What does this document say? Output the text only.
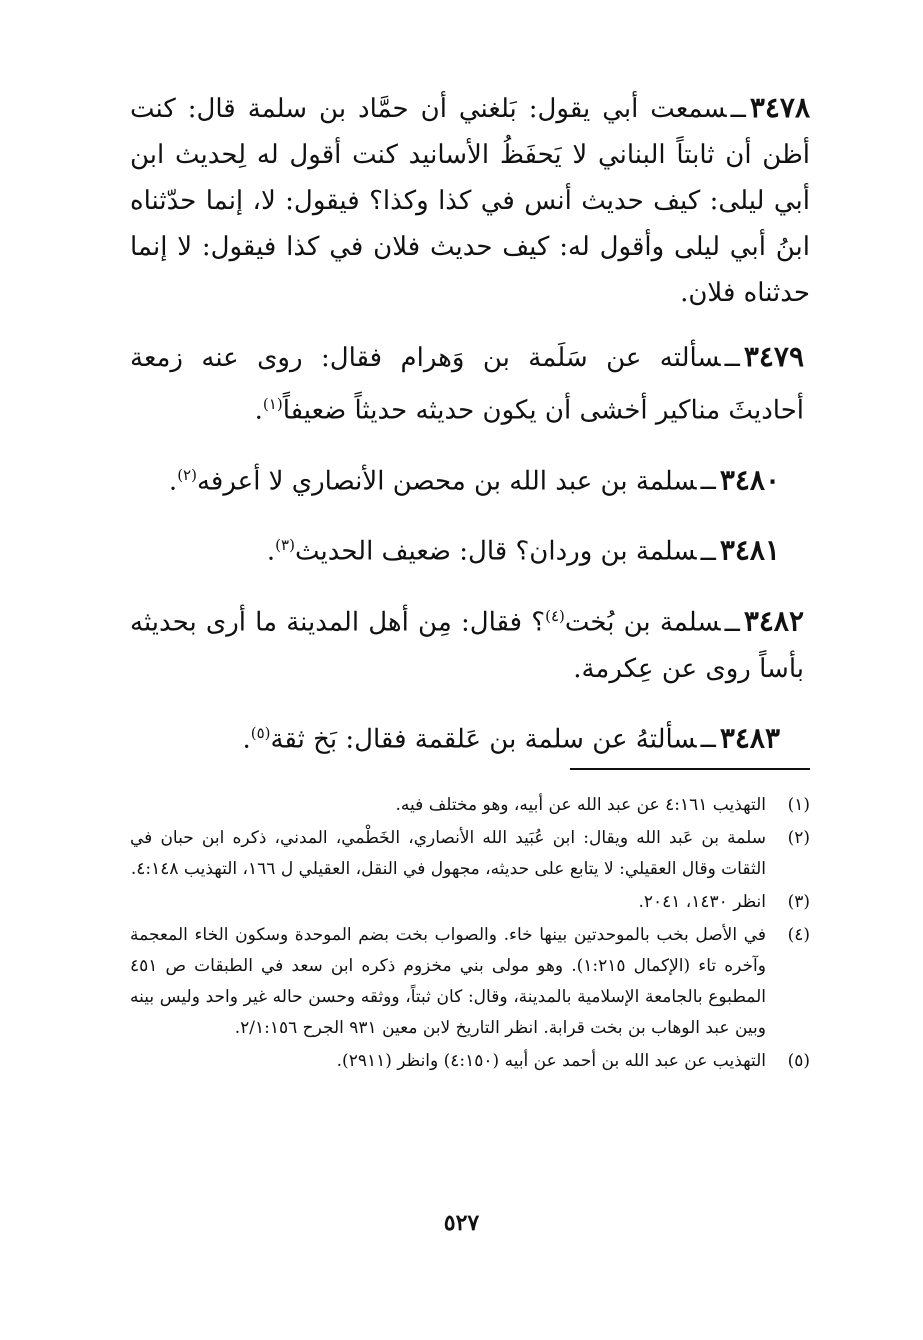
٣٤٧٨ــسمعت أبي يقول: بَلغني أن حمَّاد بن سلمة قال: كنت أظن أن ثابتاً البناني لا يَحفَظُ الأسانيد كنت أقول له لِحديث ابن أبي ليلى: كيف حديث أنس في كذا وكذا؟ فيقول: لا، إنما حدّثناه ابنُ أبي ليلى وأقول له: كيف حديث فلان في كذا فيقول: لا إنما حدثناه فلان.

٣٤٧٩ــسألته عن سَلَمة بن وَهرام فقال: روى عنه زمعة أحاديثَ مناكير أخشى أن يكون حديثه حديثاً ضعيفاً$^{(١)}$.

٣٤٨٠ــسلمة بن عبد الله بن محصن الأنصاري لا أعرفه$^{(٢)}$.

٣٤٨١ــسلمة بن وردان؟ قال: ضعيف الحديث$^{(٣)}$.

٣٤٨٢ــسلمة بن بُخت$^{(٤)}$؟ فقال: مِن أهل المدينة ما أرى بحديثه بأساً روى عن عِكرمة.

٣٤٨٣ــسألتهُ عن سلمة بن عَلقمة فقال: بَخ ثقة$^{(٥)}$.

(١)
التهذيب ٤:١٦١ عن عبد الله عن أبيه، وهو مختلف فيه.
(٢)
سلمة بن عَبد الله ويقال: ابن عُبَيد الله الأنصاري، الخَطْمي، المدني، ذكره ابن حبان في الثقات وقال العقيلي: لا يتابع على حديثه، مجهول في النقل، العقيلي ل ١٦٦، التهذيب ٤:١٤٨.
(٣)
انظر ١٤٣٠، ٢٠٤١.
(٤)
في الأصل بخب بالموحدتين بينها خاء. والصواب بخت بضم الموحدة وسكون الخاء المعجمة وآخره تاء (الإكمال ١:٢١٥). وهو مولى بني مخزوم ذكره ابن سعد في الطبقات ص ٤٥١ المطبوع بالجامعة الإسلامية بالمدينة، وقال: كان ثبتاً، ووثقه وحسن حاله غير واحد وليس بينه وبين عبد الوهاب بن بخت قرابة. انظر التاريخ لابن معين ٩٣١ الجرح ٢/١:١٥٦.
(٥)
التهذيب عن عبد الله بن أحمد عن أبيه (٤:١٥٠) وانظر (٢٩١١).
٥٢٧
